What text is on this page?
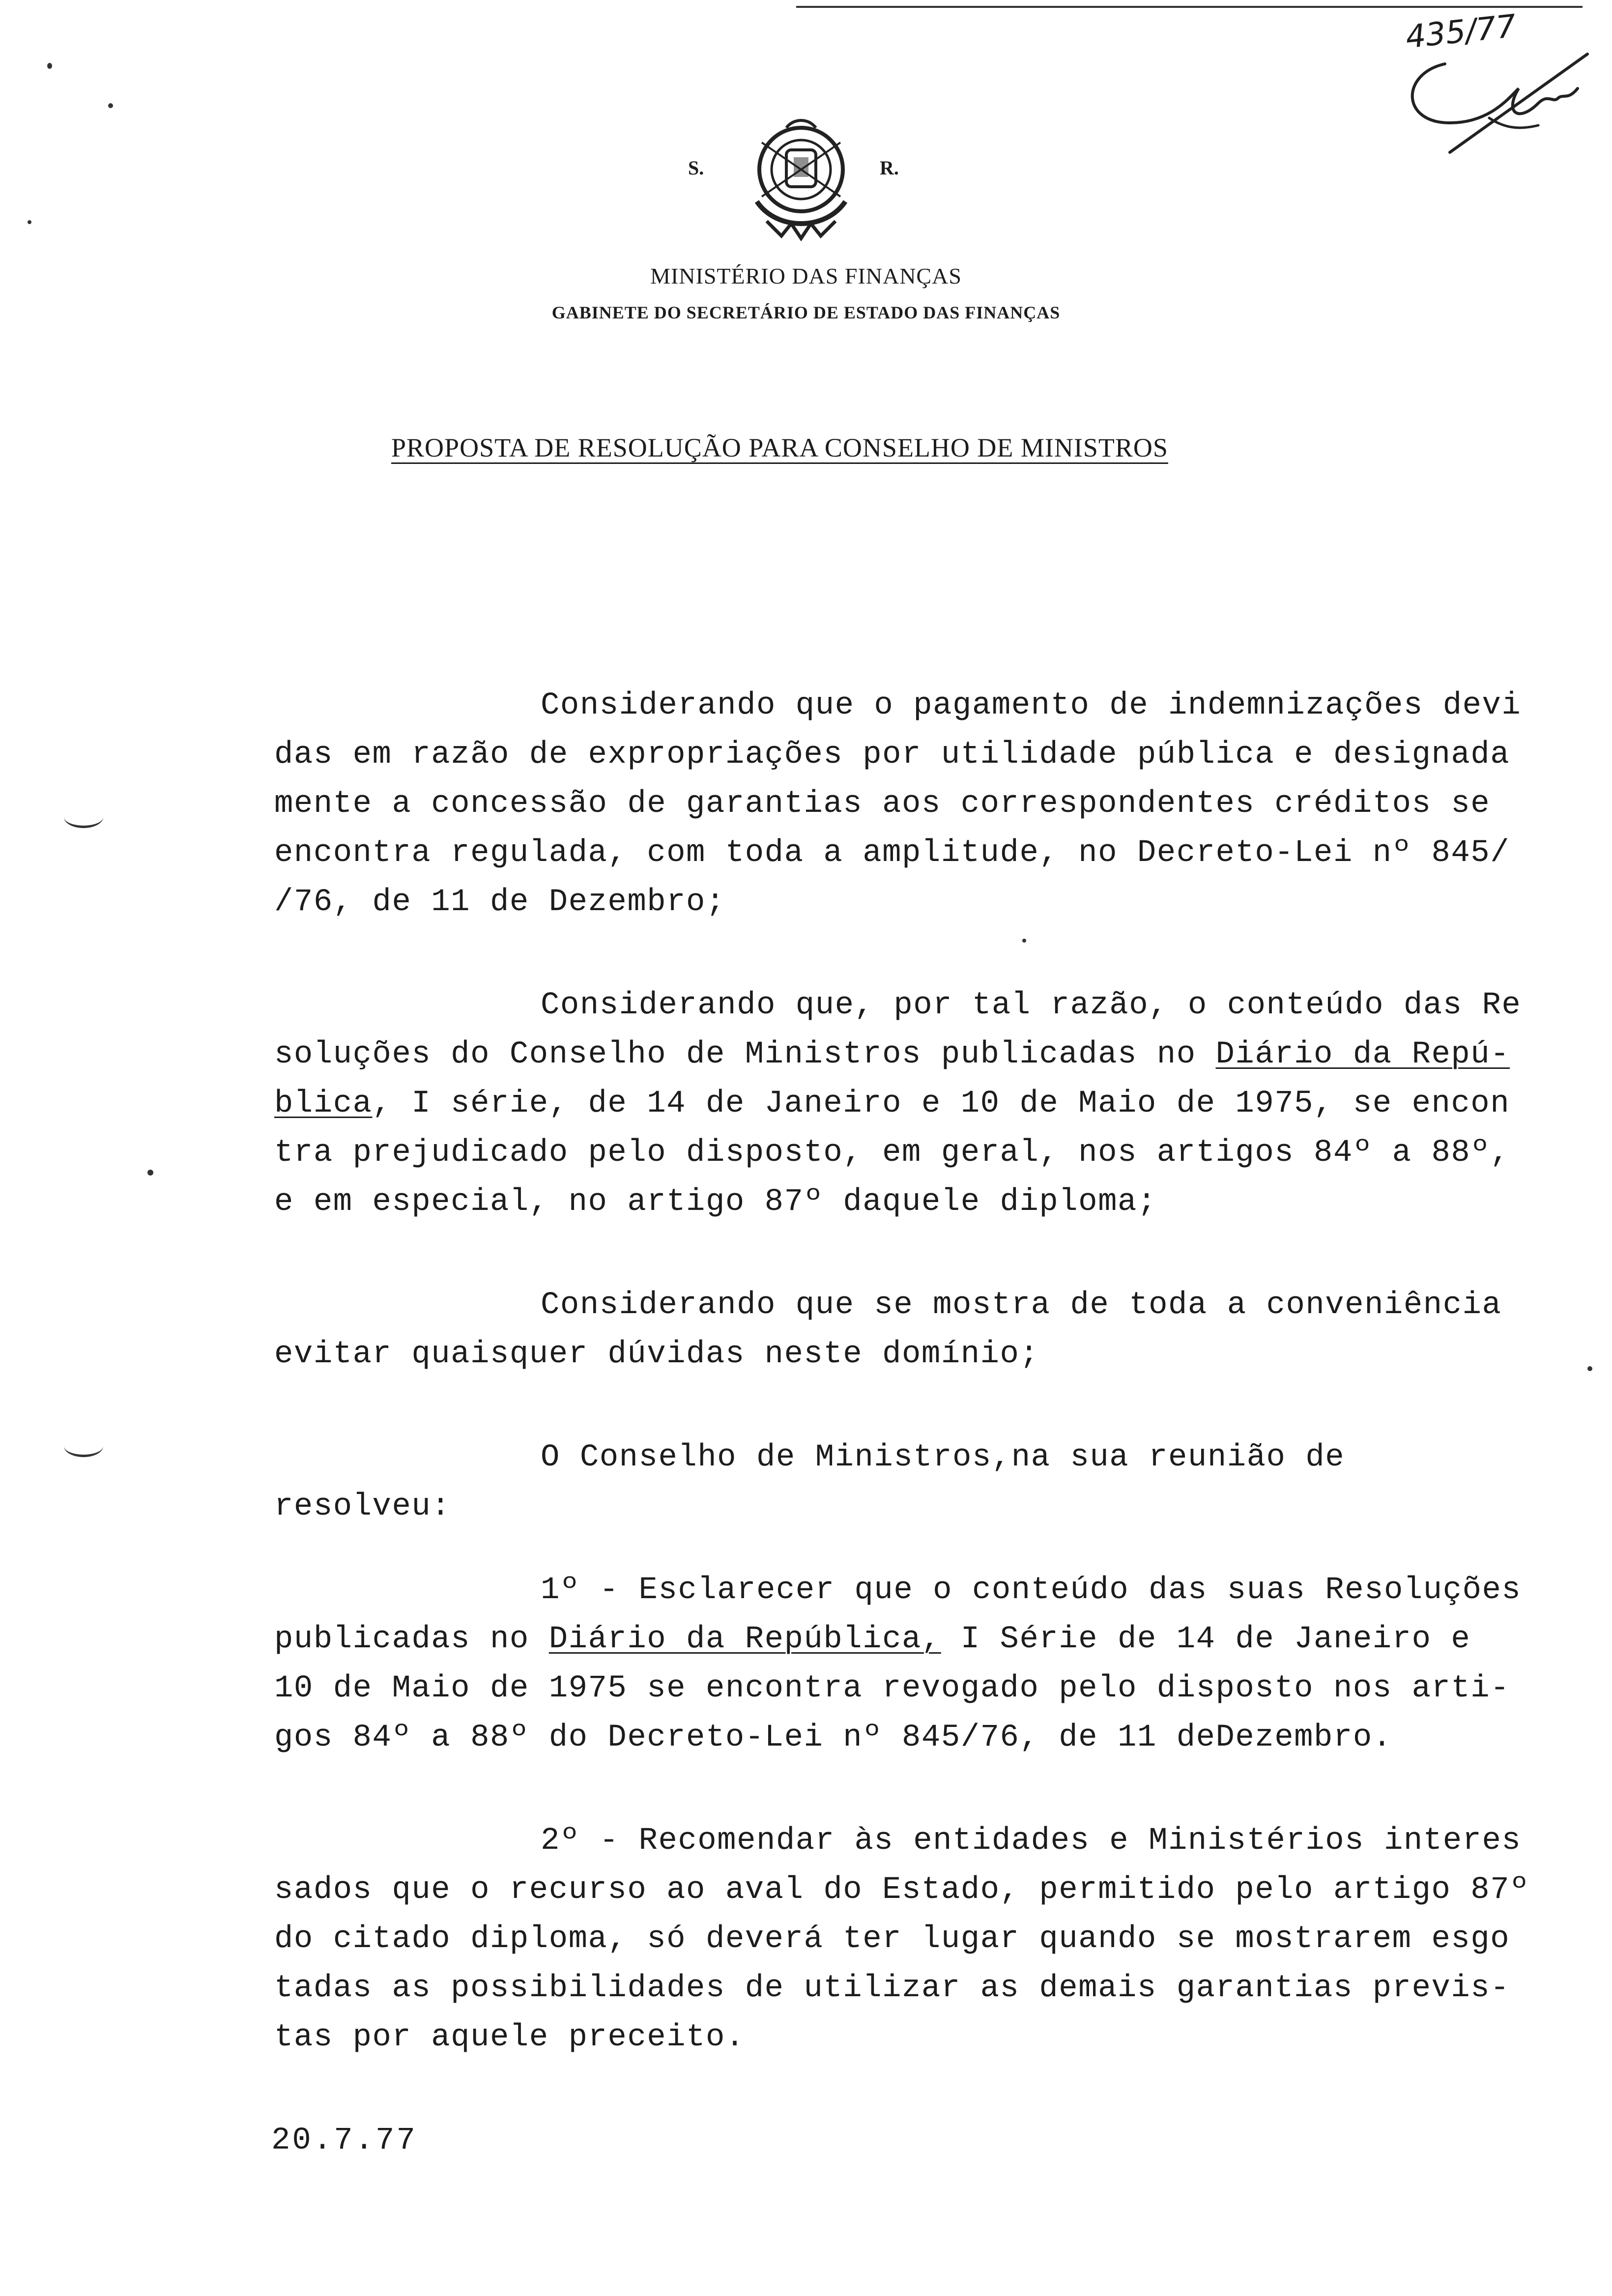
435/77
S.	R.
MINISTÉRIO DAS FINANÇAS
GABINETE DO SECRETÁRIO DE ESTADO DAS FINANÇAS
PROPOSTA DE RESOLUÇÃO PARA CONSELHO DE MINISTROS
Considerando que o pagamento de indemnizações devi
das em razão de expropriações por utilidade pública e designada
mente a concessão de garantias aos correspondentes créditos se
encontra regulada, com toda a amplitude, no Decreto-Lei nº 845/
/76, de 11 de Dezembro;
Considerando que, por tal razão, o conteúdo das Re
soluções do Conselho de Ministros publicadas no Diário da Repú-
blica, I série, de 14 de Janeiro e 10 de Maio de 1975, se encon
tra prejudicado pelo disposto, em geral, nos artigos 84º a 88º,
e em especial, no artigo 87º daquele diploma;
Considerando que se mostra de toda a conveniência
evitar quaisquer dúvidas neste domínio;
O Conselho de Ministros,na sua reunião de
resolveu:
1º - Esclarecer que o conteúdo das suas Resoluções
publicadas no Diário da República, I Série de 14 de Janeiro e
10 de Maio de 1975 se encontra revogado pelo disposto nos arti-
gos 84º a 88º do Decreto-Lei nº 845/76, de 11 deDezembro.
2º - Recomendar às entidades e Ministérios interes
sados que o recurso ao aval do Estado, permitido pelo artigo 87º
do citado diploma, só deverá ter lugar quando se mostrarem esgo
tadas as possibilidades de utilizar as demais garantias previs-
tas por aquele preceito.
20.7.77
